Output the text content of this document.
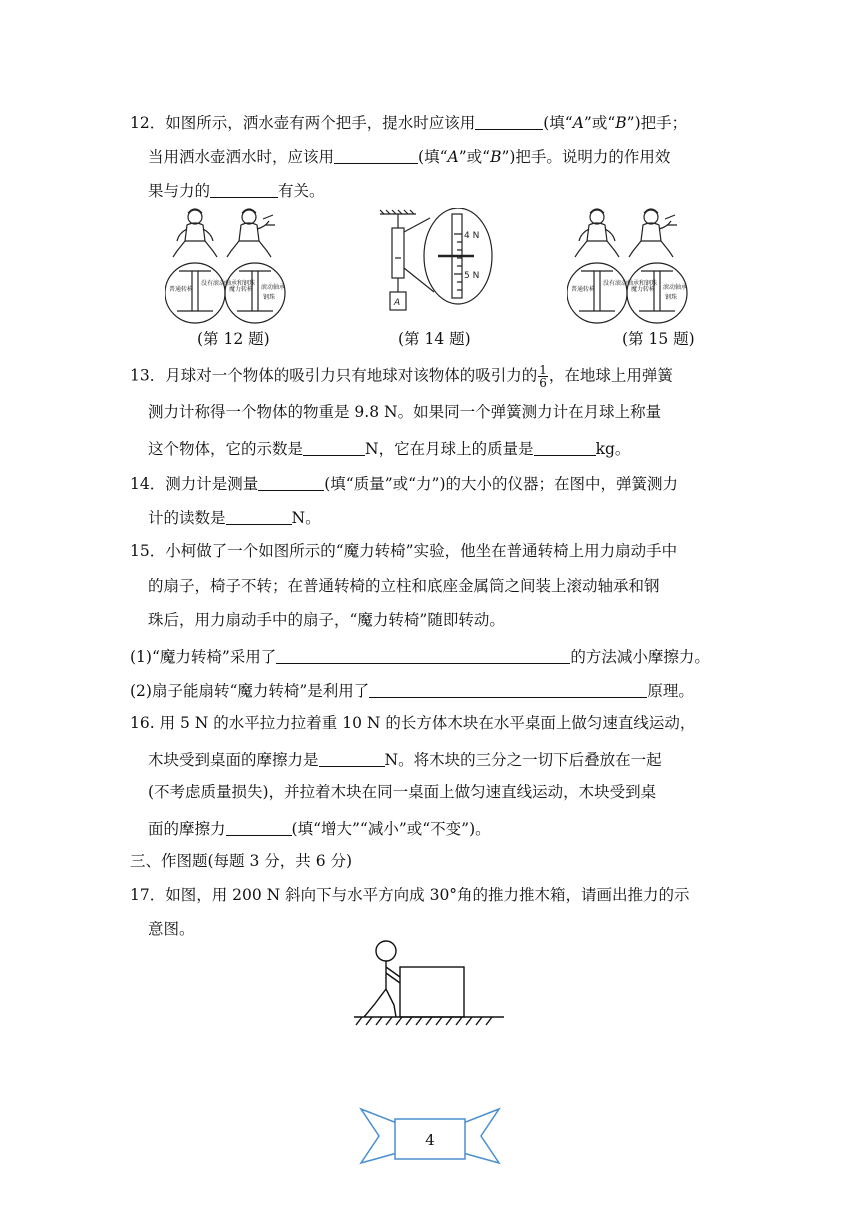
12．如图所示，洒水壶有两个把手，提水时应该用	(填“A”或“B”)把手；
当用洒水壶洒水时，应该用	(填“A”或“B”)把手。说明力的作用效
果与力的	有关。
普通转椅
没有滚动轴承和钢珠
魔力转椅 滚动轴承
钢珠
(第 12 题)
4 N
5 N
A
(第 14 题)
普通转椅
没有滚动轴承和钢珠
魔力转椅 滚动轴承
钢珠
(第 15 题)
13．月球对一个物体的吸引力只有地球对该物体的吸引力的 $\frac{1}{6}$ ，在地球上用弹簧
测力计称得一个物体的物重是 9.8 N。如果同一个弹簧测力计在月球上称量
这个物体，它的示数是	N，它在月球上的质量是	kg。
14．测力计是测量	(填“质量”或“力”)的大小的仪器；在图中，弹簧测力
计的读数是	N。
15．小柯做了一个如图所示的“魔力转椅”实验，他坐在普通转椅上用力扇动手中
的扇子，椅子不转；在普通转椅的立柱和底座金属筒之间装上滚动轴承和钢
珠后，用力扇动手中的扇子，“魔力转椅”随即转动。
(1)“魔力转椅”采用了	的方法减小摩擦力。
(2)扇子能扇转“魔力转椅”是利用了	原理。
16. 用 5 N 的水平拉力拉着重 10 N 的长方体木块在水平桌面上做匀速直线运动，
木块受到桌面的摩擦力是	N。将木块的三分之一切下后叠放在一起
(不考虑质量损失)，并拉着木块在同一桌面上做匀速直线运动，木块受到桌
面的摩擦力	(填“增大”“减小”或“不变”)。
三、作图题(每题 3 分，共 6 分)
17．如图，用 200 N 斜向下与水平方向成 30°角的推力推木箱，请画出推力的示
意图。
4
